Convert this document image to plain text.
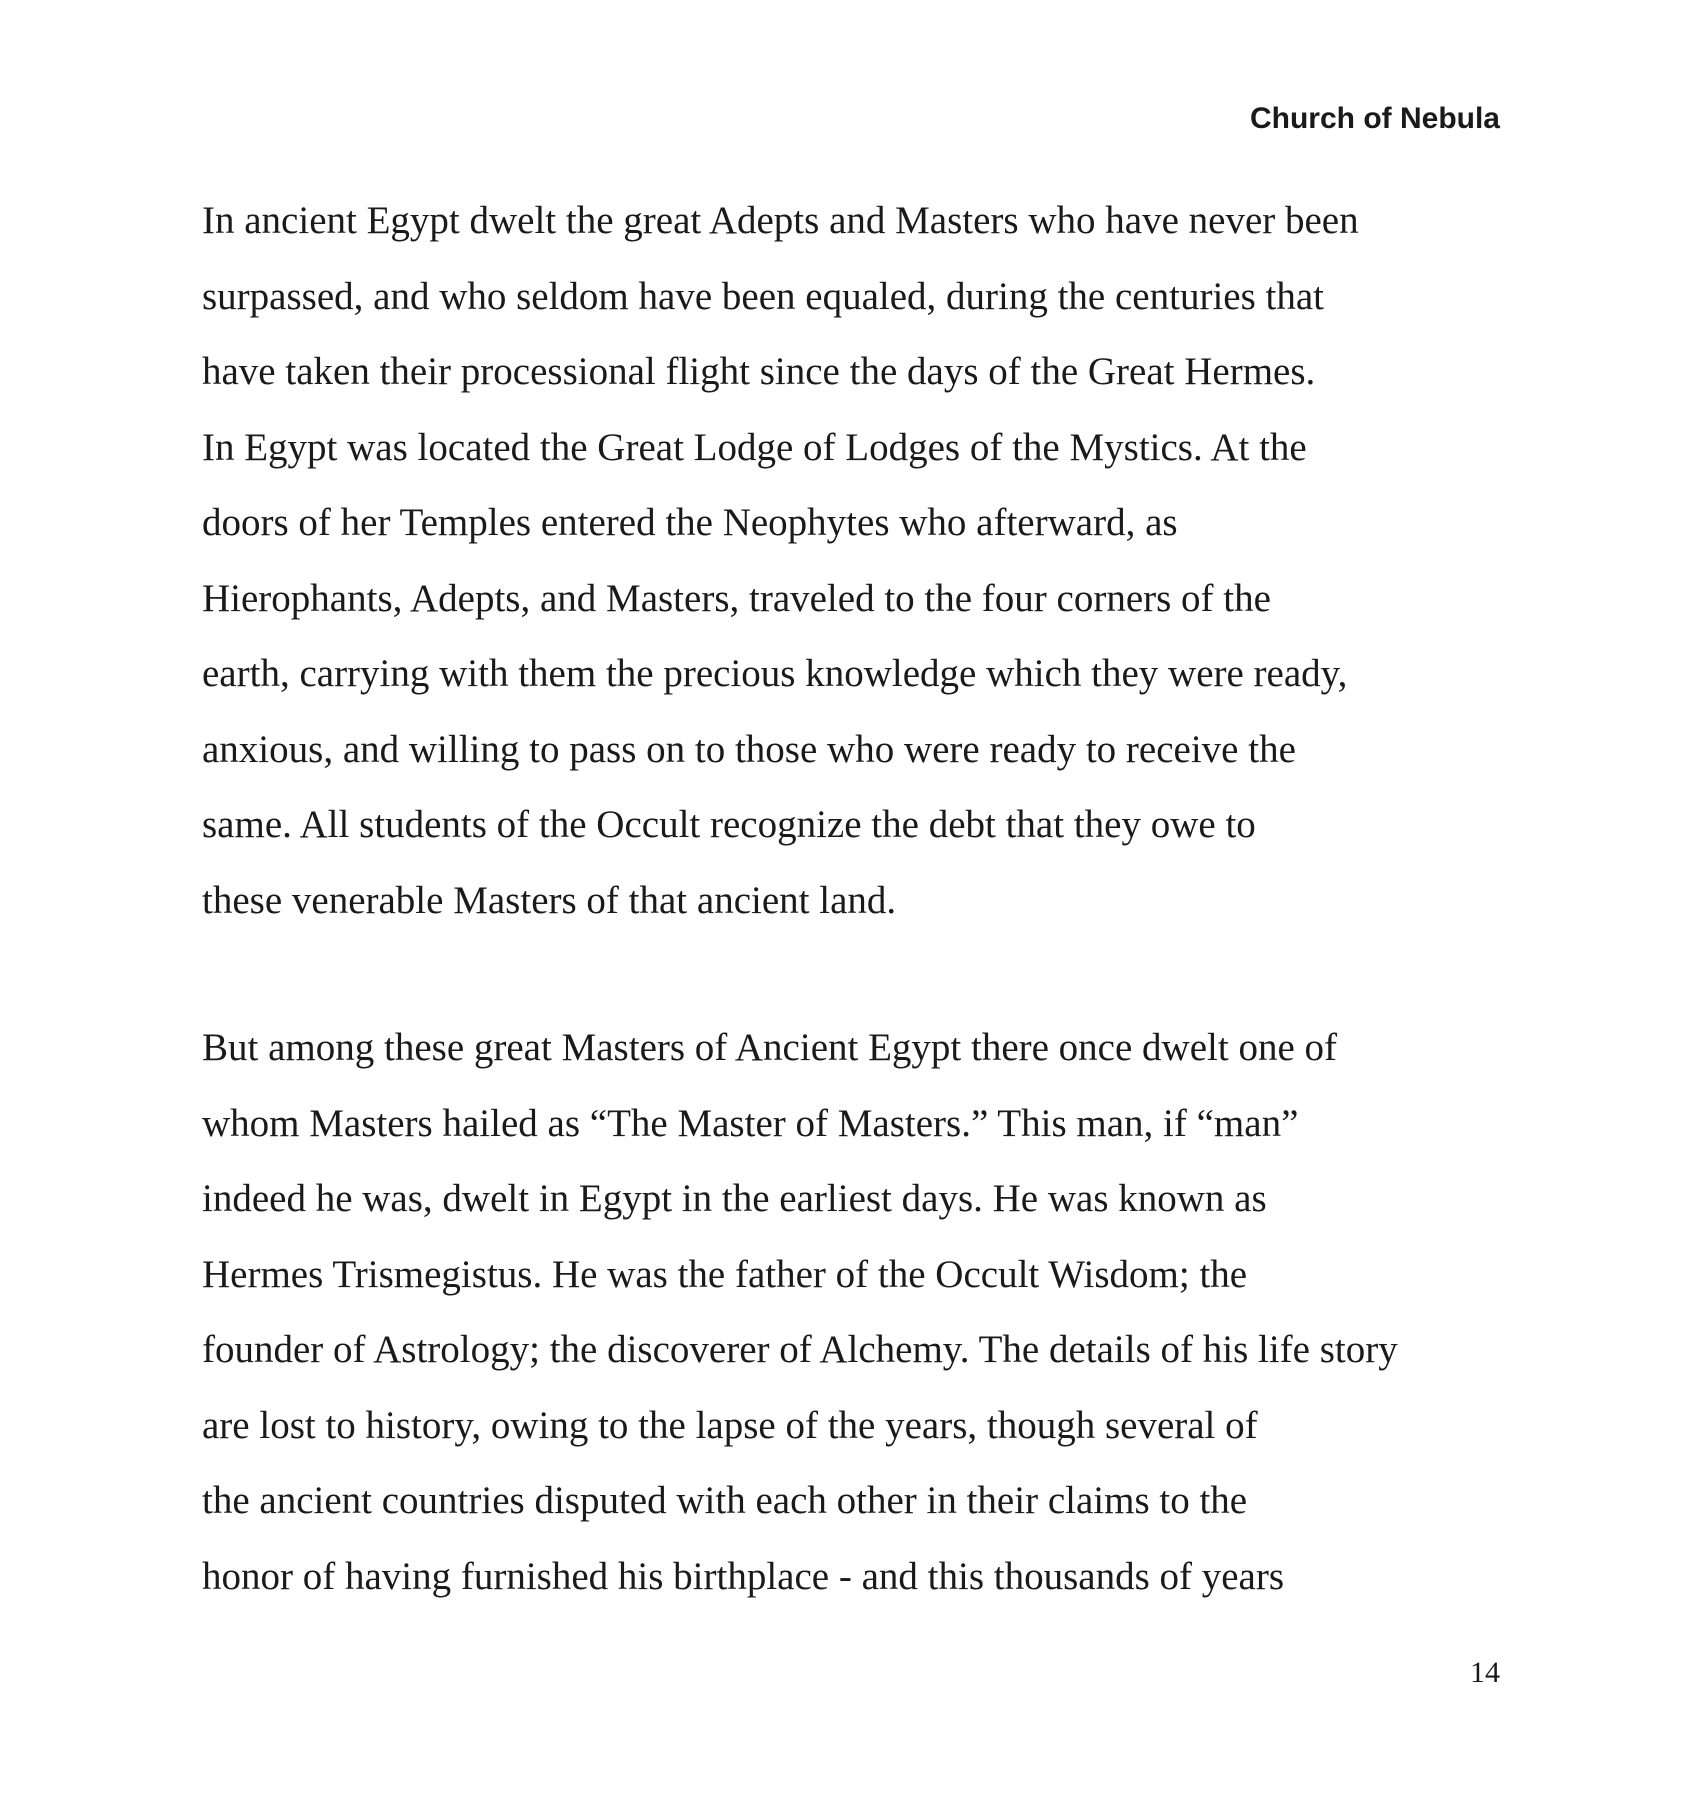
Church of Nebula
In ancient Egypt dwelt the great Adepts and Masters who have never been
surpassed, and who seldom have been equaled, during the centuries that
have taken their processional flight since the days of the Great Hermes.
In Egypt was located the Great Lodge of Lodges of the Mystics. At the
doors of her Temples entered the Neophytes who afterward, as
Hierophants, Adepts, and Masters, traveled to the four corners of the
earth, carrying with them the precious knowledge which they were ready,
anxious, and willing to pass on to those who were ready to receive the
same. All students of the Occult recognize the debt that they owe to
these venerable Masters of that ancient land.
But among these great Masters of Ancient Egypt there once dwelt one of
whom Masters hailed as “The Master of Masters.” This man, if “man”
indeed he was, dwelt in Egypt in the earliest days. He was known as
Hermes Trismegistus. He was the father of the Occult Wisdom; the
founder of Astrology; the discoverer of Alchemy. The details of his life story
are lost to history, owing to the lapse of the years, though several of
the ancient countries disputed with each other in their claims to the
honor of having furnished his birthplace - and this thousands of years
14
